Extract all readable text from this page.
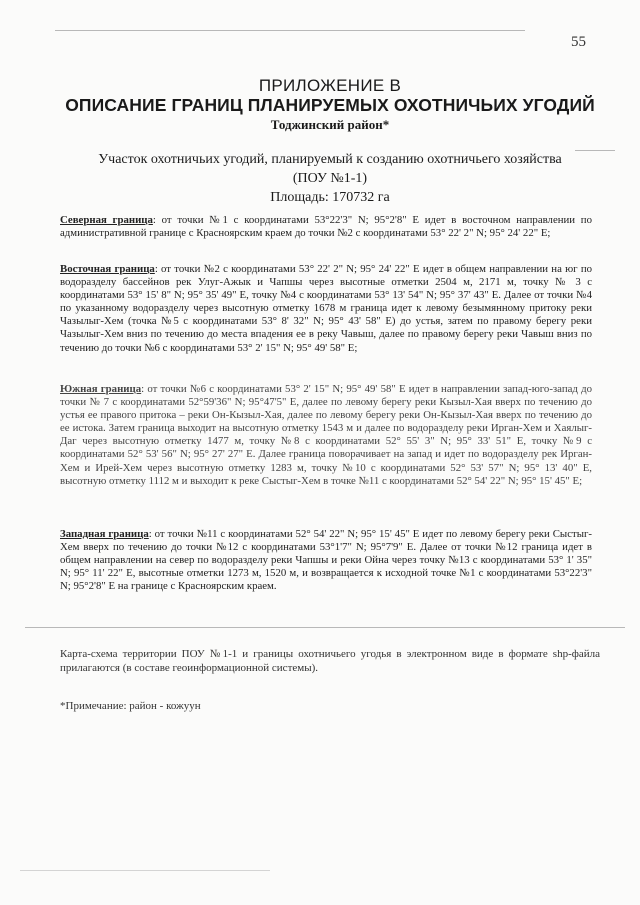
55
ПРИЛОЖЕНИЕ В
ОПИСАНИЕ ГРАНИЦ ПЛАНИРУЕМЫХ ОХОТНИЧЬИХ УГОДИЙ
Тоджинский район*
Участок охотничьих угодий, планируемый к созданию охотничьего хозяйства
(ПОУ №1-1)
Площадь: 170732 га

Северная граница: от точки №1 с координатами 53°22'3" N; 95°2'8" E идет в восточном направлении по административной границе с Красноярским краем до точки №2 с координатами 53° 22' 2" N; 95° 24' 22" E;

Восточная граница: от точки №2 с координатами 53° 22' 2" N; 95° 24' 22" E идет в общем направлении на юг по водоразделу бассейнов рек Улуг-Ажык и Чапшы через высотные отметки 2504 м, 2171 м, точку № 3 с координатами 53° 15' 8" N; 95° 35' 49" E, точку №4 с координатами 53° 13' 54" N; 95° 37' 43" E. Далее от точки №4 по указанному водоразделу через высотную отметку 1678 м граница идет к левому безымянному притоку реки Чазылыг-Хем (точка №5 с координатами 53° 8' 32" N; 95° 43' 58" E) до устья, затем по правому берегу реки Чазылыг-Хем вниз по течению до места впадения ее в реку Чавыш, далее по правому берегу реки Чавыш вниз по течению до точки №6 с координатами 53° 2' 15" N; 95° 49' 58" E;

Южная граница: от точки №6 с координатами 53° 2' 15" N; 95° 49' 58" E идет в направлении запад-юго-запад до точки № 7 с координатами 52°59'36" N; 95°47'5" E, далее по левому берегу реки Кызыл-Хая вверх по течению до устья ее правого притока – реки Он-Кызыл-Хая, далее по левому берегу реки Он-Кызыл-Хая вверх по течению до ее истока. Затем граница выходит на высотную отметку 1543 м и далее по водоразделу реки Ирган-Хем и Хаялыг-Даг через высотную отметку 1477 м, точку №8 с координатами 52° 55' 3" N; 95° 33' 51" E, точку №9 с координатами 52° 53' 56" N; 95° 27' 27" E. Далее граница поворачивает на запад и идет по водоразделу рек Ирган-Хем и Ирей-Хем через высотную отметку 1283 м, точку №10 с координатами 52° 53' 57" N; 95° 13' 40" E, высотную отметку 1112 м и выходит к реке Сыстыг-Хем в точке №11 с координатами 52° 54' 22" N; 95° 15' 45" E;

Западная граница: от точки №11 с координатами 52° 54' 22" N; 95° 15' 45" E идет по левому берегу реки Сыстыг-Хем вверх по течению до точки №12 с координатами 53°1'7" N; 95°7'9" E. Далее от точки №12 граница идет в общем направлении на север по водоразделу реки Чапшы и реки Ойна через точку №13 с координатами 53° 1' 35" N; 95° 11' 22" E, высотные отметки 1273 м, 1520 м, и возвращается к исходной точке №1 с координатами 53°22'3" N; 95°2'8" E на границе с Красноярским краем.

Карта-схема территории ПОУ №1-1 и границы охотничьего угодья в электронном виде в формате shp-файла прилагаются (в составе геоинформационной системы).
*Примечание: район - кожуун
